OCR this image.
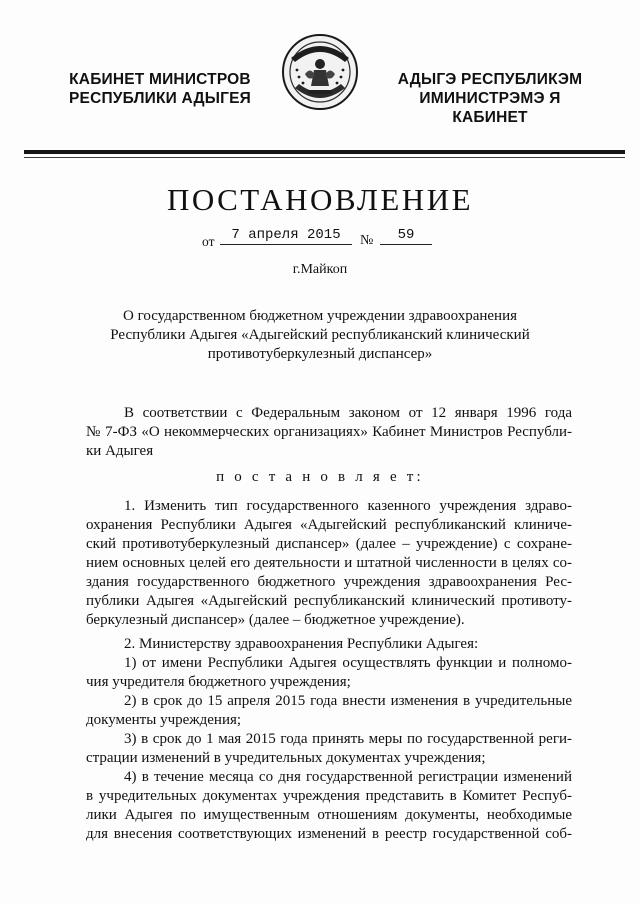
КАБИНЕТ МИНИСТРОВ
РЕСПУБЛИКИ АДЫГЕЯ
АДЫГЭ РЕСПУБЛИКЭМ
ИМИНИСТРЭМЭ Я КАБИНЕТ
ПОСТАНОВЛЕНИЕ
от	7 апреля 2015	№	59
г.Майкоп
О государственном бюджетном учреждении здравоохранения
Республики Адыгея «Адыгейский республиканский клинический
противотуберкулезный диспансер»
В соответствии с Федеральным законом от 12 января 1996 года
№ 7-ФЗ «О некоммерческих организациях» Кабинет Министров Республи-
ки Адыгея
п о с т а н о в л я е т:
1. Изменить тип государственного казенного учреждения здраво-
охранения Республики Адыгея «Адыгейский республиканский клиниче-
ский противотуберкулезный диспансер» (далее – учреждение) с сохране-
нием основных целей его деятельности и штатной численности в целях со-
здания государственного бюджетного учреждения здравоохранения Рес-
публики Адыгея «Адыгейский республиканский клинический противоту-
беркулезный диспансер» (далее – бюджетное учреждение).
2. Министерству здравоохранения Республики Адыгея:
1) от имени Республики Адыгея осуществлять функции и полномо-
чия учредителя бюджетного учреждения;
2) в срок до 15 апреля 2015 года внести изменения в учредительные
документы учреждения;
3) в срок до 1 мая 2015 года принять меры по государственной реги-
страции изменений в учредительных документах учреждения;
4) в течение месяца со дня государственной регистрации изменений
в учредительных документах учреждения представить в Комитет Респуб-
лики Адыгея по имущественным отношениям документы, необходимые
для внесения соответствующих изменений в реестр государственной соб-
